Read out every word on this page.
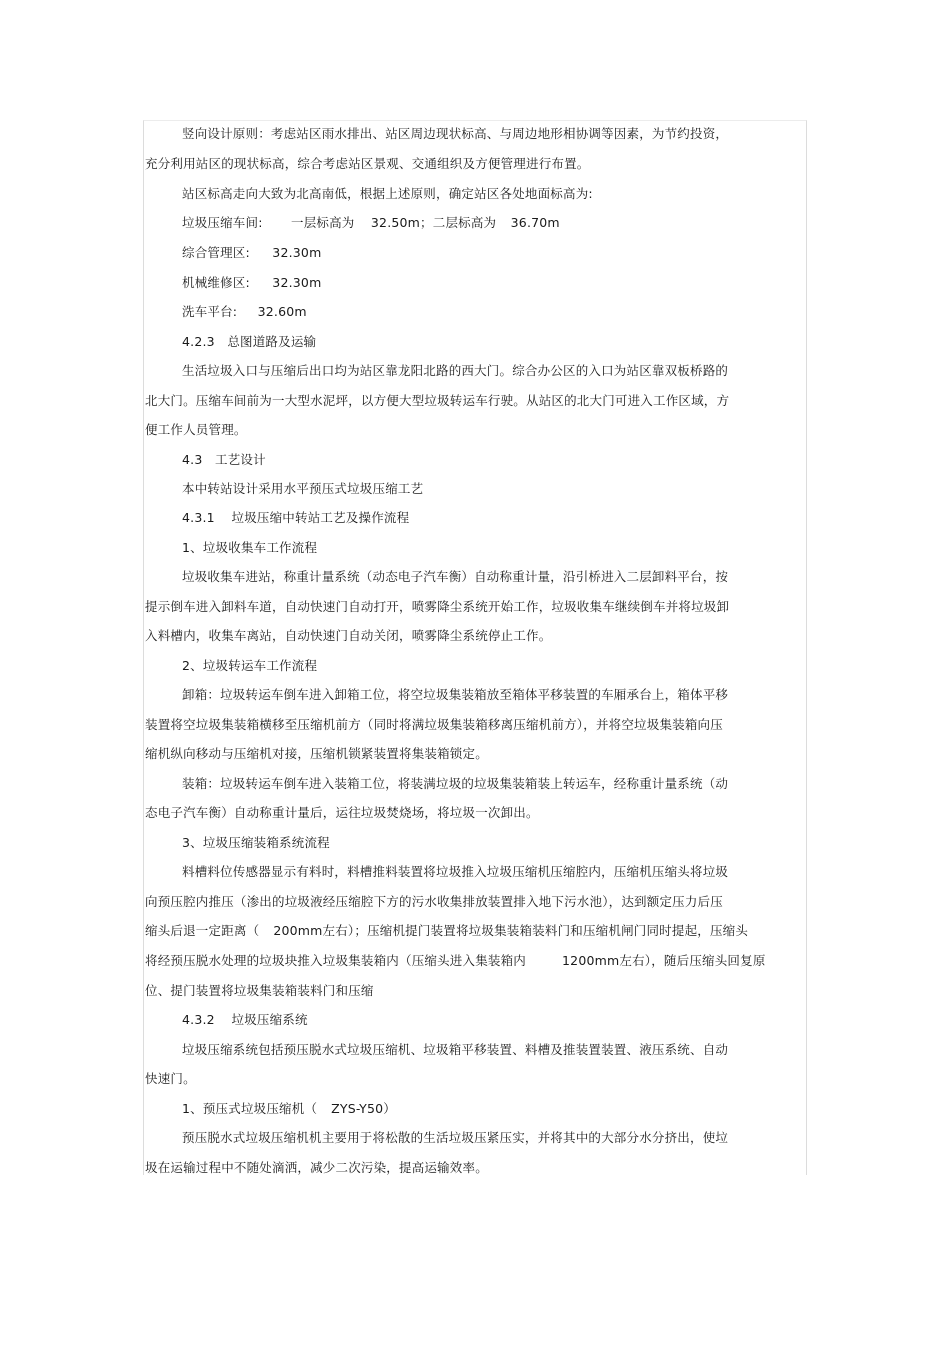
竖向设计原则：考虑站区雨水排出、站区周边现状标高、与周边地形相协调等因素，为节约投资，
充分利用站区的现状标高，综合考虑站区景观、交通组织及方便管理进行布置。
站区标高走向大致为北高南低，根据上述原则，确定站区各处地面标高为:
垃圾压缩车间: 一层标高为 32.50m；二层标高为 36.70m
综合管理区: 32.30m
机械维修区: 32.30m
洗车平台: 32.60m
4.2.3   总图道路及运输
生活垃圾入口与压缩后出口均为站区靠龙阳北路的西大门。综合办公区的入口为站区靠双板桥路的
北大门。压缩车间前为一大型水泥坪，以方便大型垃圾转运车行驶。从站区的北大门可进入工作区域，方
便工作人员管理。
4.3   工艺设计
本中转站设计采用水平预压式垃圾压缩工艺
4.3.1    垃圾压缩中转站工艺及操作流程
1、垃圾收集车工作流程
垃圾收集车进站，称重计量系统（动态电子汽车衡）自动称重计量，沿引桥进入二层卸料平台，按
提示倒车进入卸料车道，自动快速门自动打开，喷雾降尘系统开始工作，垃圾收集车继续倒车并将垃圾卸
入料槽内，收集车离站，自动快速门自动关闭，喷雾降尘系统停止工作。
2、垃圾转运车工作流程
卸箱：垃圾转运车倒车进入卸箱工位，将空垃圾集装箱放至箱体平移装置的车厢承台上，箱体平移
装置将空垃圾集装箱横移至压缩机前方（同时将满垃圾集装箱移离压缩机前方），并将空垃圾集装箱向压
缩机纵向移动与压缩机对接，压缩机锁紧装置将集装箱锁定。
装箱：垃圾转运车倒车进入装箱工位，将装满垃圾的垃圾集装箱装上转运车，经称重计量系统（动
态电子汽车衡）自动称重计量后，运往垃圾焚烧场，将垃圾一次卸出。
3、垃圾压缩装箱系统流程
料槽料位传感器显示有料时，料槽推料装置将垃圾推入垃圾压缩机压缩腔内，压缩机压缩头将垃圾
向预压腔内推压（渗出的垃圾液经压缩腔下方的污水收集排放装置排入地下污水池），达到额定压力后压
缩头后退一定距离（ 200mm左右）；压缩机提门装置将垃圾集装箱装料门和压缩机闸门同时提起，压缩头
将经预压脱水处理的垃圾块推入垃圾集装箱内（压缩头进入集装箱内	1200mm左右），随后压缩头回复原
位、提门装置将垃圾集装箱装料门和压缩
4.3.2    垃圾压缩系统
垃圾压缩系统包括预压脱水式垃圾压缩机、垃圾箱平移装置、料槽及推装置装置、液压系统、自动
快速门。
1、预压式垃圾压缩机（ ZYS-Y50）
预压脱水式垃圾压缩机机主要用于将松散的生活垃圾压紧压实，并将其中的大部分水分挤出，使垃
圾在运输过程中不随处滴洒，减少二次污染，提高运输效率。
